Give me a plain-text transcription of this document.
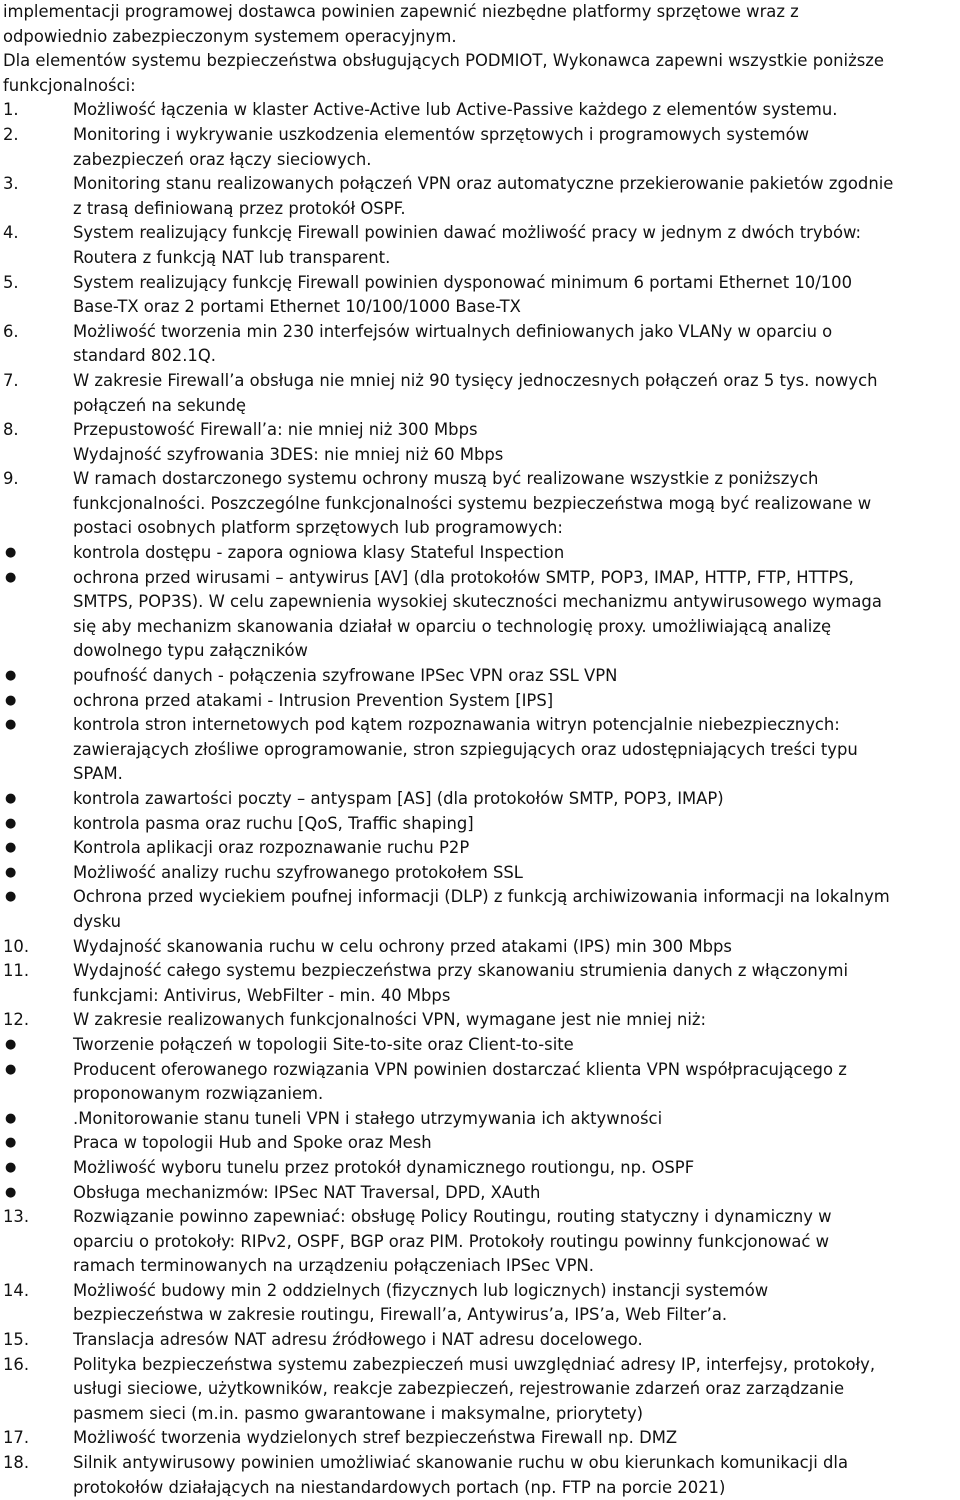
implementacji programowej dostawca powinien zapewnić niezbędne platformy sprzętowe wraz z
odpowiednio zabezpieczonym systemem operacyjnym.
Dla elementów systemu bezpieczeństwa obsługujących PODMIOT, Wykonawca zapewni wszystkie poniższe
funkcjonalności:
1.	Możliwość łączenia w klaster Active-Active lub Active-Passive każdego z elementów systemu.
2.	Monitoring i wykrywanie uszkodzenia elementów sprzętowych i programowych systemów
zabezpieczeń oraz łączy sieciowych.
3.	Monitoring stanu realizowanych połączeń VPN oraz automatyczne przekierowanie pakietów zgodnie
z trasą definiowaną przez protokół OSPF.
4.	System realizujący funkcję Firewall powinien dawać możliwość pracy w jednym z dwóch trybów:
Routera z funkcją NAT lub transparent.
5.	System realizujący funkcję Firewall powinien dysponować minimum 6 portami Ethernet 10/100
Base-TX oraz 2 portami Ethernet 10/100/1000 Base-TX
6.	Możliwość tworzenia min 230 interfejsów wirtualnych definiowanych jako VLANy w oparciu o
standard 802.1Q.
7.	W zakresie Firewall’a obsługa nie mniej niż 90 tysięcy jednoczesnych połączeń oraz 5 tys. nowych
połączeń na sekundę
8.	Przepustowość Firewall’a: nie mniej niż 300 Mbps
Wydajność szyfrowania 3DES: nie mniej niż 60 Mbps
9.	W ramach dostarczonego systemu ochrony muszą być realizowane wszystkie z poniższych
funkcjonalności. Poszczególne funkcjonalności systemu bezpieczeństwa mogą być realizowane w
postaci osobnych platform sprzętowych lub programowych:
●	kontrola dostępu - zapora ogniowa klasy Stateful Inspection
●	ochrona przed wirusami – antywirus [AV] (dla protokołów SMTP, POP3, IMAP, HTTP, FTP, HTTPS,
SMTPS, POP3S). W celu zapewnienia wysokiej skuteczności mechanizmu antywirusowego wymaga
się aby mechanizm skanowania działał w oparciu o technologię proxy. umożliwiającą analizę
dowolnego typu załączników
●	poufność danych - połączenia szyfrowane IPSec VPN oraz SSL VPN
●	ochrona przed atakami - Intrusion Prevention System [IPS]
●	kontrola stron internetowych pod kątem rozpoznawania witryn potencjalnie niebezpiecznych:
zawierających złośliwe oprogramowanie, stron szpiegujących oraz udostępniających treści typu
SPAM.
●	kontrola zawartości poczty – antyspam [AS] (dla protokołów SMTP, POP3, IMAP)
●	kontrola pasma oraz ruchu [QoS, Traffic shaping]
●	Kontrola aplikacji oraz rozpoznawanie ruchu P2P
●	Możliwość analizy ruchu szyfrowanego protokołem SSL
●	Ochrona przed wyciekiem poufnej informacji (DLP) z funkcją archiwizowania informacji na lokalnym
dysku
10.	Wydajność skanowania ruchu w celu ochrony przed atakami (IPS) min 300 Mbps
11.	Wydajność całego systemu bezpieczeństwa przy skanowaniu strumienia danych z włączonymi
funkcjami: Antivirus, WebFilter - min. 40 Mbps
12.	W zakresie realizowanych funkcjonalności VPN, wymagane jest nie mniej niż:
●	Tworzenie połączeń w topologii Site-to-site oraz Client-to-site
●	Producent oferowanego rozwiązania VPN powinien dostarczać klienta VPN współpracującego z
proponowanym rozwiązaniem.
●	.Monitorowanie stanu tuneli VPN i stałego utrzymywania ich aktywności
●	Praca w topologii Hub and Spoke oraz Mesh
●	Możliwość wyboru tunelu przez protokół dynamicznego routiongu, np. OSPF
●	Obsługa mechanizmów: IPSec NAT Traversal, DPD, XAuth
13.	Rozwiązanie powinno zapewniać: obsługę Policy Routingu, routing statyczny i dynamiczny w
oparciu o protokoły: RIPv2, OSPF, BGP oraz PIM. Protokoły routingu powinny funkcjonować w
ramach terminowanych na urządzeniu połączeniach IPSec VPN.
14.	Możliwość budowy min 2 oddzielnych (fizycznych lub logicznych) instancji systemów
bezpieczeństwa w zakresie routingu, Firewall’a, Antywirus’a, IPS’a, Web Filter’a.
15.	Translacja adresów NAT adresu źródłowego i NAT adresu docelowego.
16.	Polityka bezpieczeństwa systemu zabezpieczeń musi uwzględniać adresy IP, interfejsy, protokoły,
usługi sieciowe, użytkowników, reakcje zabezpieczeń, rejestrowanie zdarzeń oraz zarządzanie
pasmem sieci (m.in. pasmo gwarantowane i maksymalne, priorytety)
17.	Możliwość tworzenia wydzielonych stref bezpieczeństwa Firewall np. DMZ
18.	Silnik antywirusowy powinien umożliwiać skanowanie ruchu w obu kierunkach komunikacji dla
protokołów działających na niestandardowych portach (np. FTP na porcie 2021)
